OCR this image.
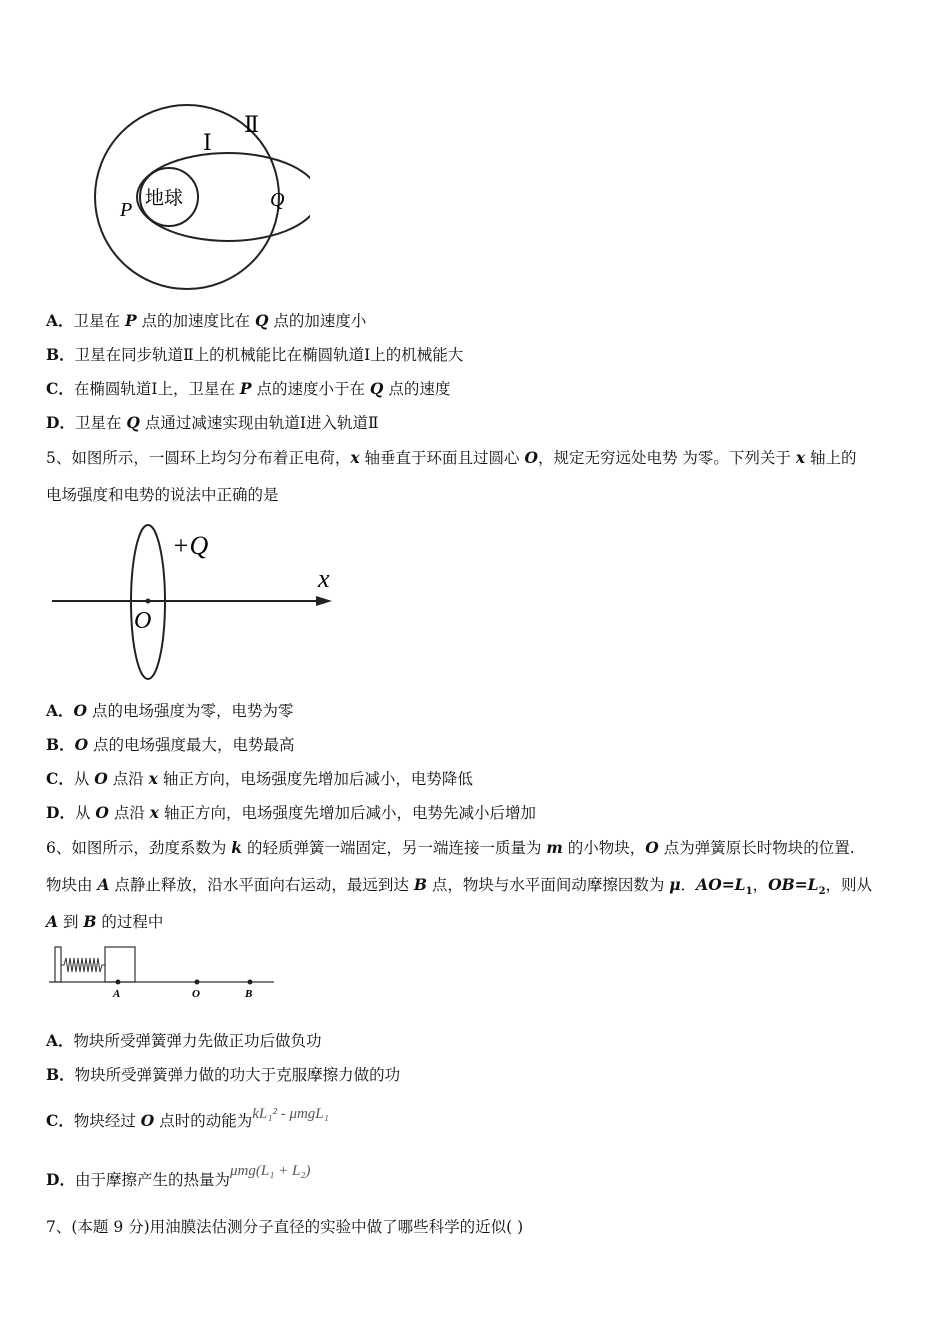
Ⅱ
Ⅰ
地球
P	Q
A．卫星在 P 点的加速度比在 Q 点的加速度小
B．卫星在同步轨道Ⅱ上的机械能比在椭圆轨道Ⅰ上的机械能大
C．在椭圆轨道Ⅰ上，卫星在 P 点的速度小于在 Q 点的速度
D．卫星在 Q 点通过减速实现由轨道Ⅰ进入轨道Ⅱ
5、如图所示，一圆环上均匀分布着正电荷，x 轴垂直于环面且过圆心 O，规定无穷远处电势 为零。下列关于 x 轴上的
电场强度和电势的说法中正确的是
+Q
x
O
A．O 点的电场强度为零，电势为零
B．O 点的电场强度最大，电势最高
C．从 O 点沿 x 轴正方向，电场强度先增加后减小，电势降低
D．从 O 点沿 x 轴正方向，电场强度先增加后减小，电势先减小后增加
6、如图所示，劲度系数为 k 的轻质弹簧一端固定，另一端连接一质量为 m 的小物块，O 点为弹簧原长时物块的位置.
物块由 A 点静止释放，沿水平面向右运动，最远到达 B 点，物块与水平面间动摩擦因数为 μ．$AO=L_1$，$OB=L_2$，则从
A 到 B 的过程中
A	O	B
A．物块所受弹簧弹力先做正功后做负功
B．物块所受弹簧弹力做的功大于克服摩擦力做的功
C．物块经过 O 点时的动能为kL₁² - μmgL₁
D．由于摩擦产生的热量为μmg(L₁ + L₂)
7、(本题 9 分)用油膜法估测分子直径的实验中做了哪些科学的近似( )
